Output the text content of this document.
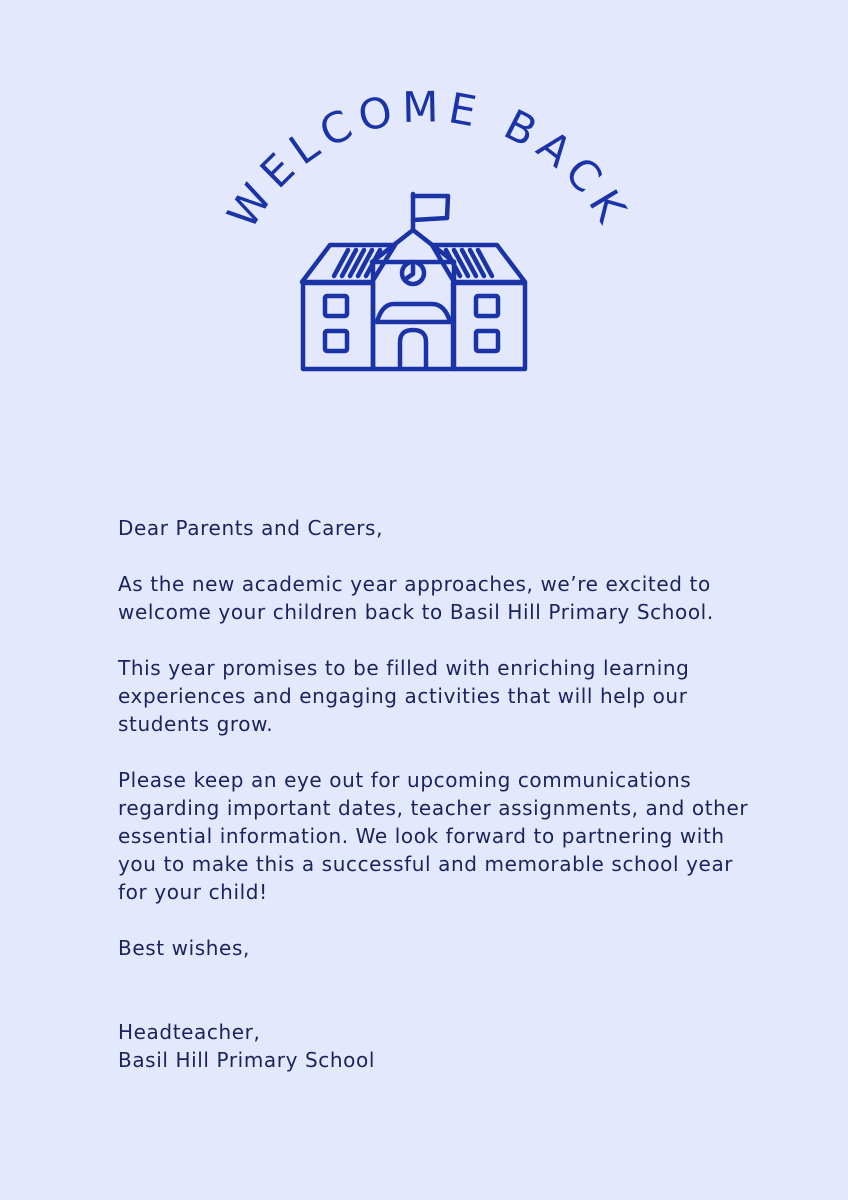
WELCOME BACK

Dear Parents and Carers,

As the new academic year approaches, we’re excited to welcome your children back to Basil Hill Primary School.

This year promises to be filled with enriching learning experiences and engaging activities that will help our students grow.

Please keep an eye out for upcoming communications regarding important dates, teacher assignments, and other essential information. We look forward to partnering with you to make this a successful and memorable school year for your child!

Best wishes,

Headteacher,
Basil Hill Primary School
